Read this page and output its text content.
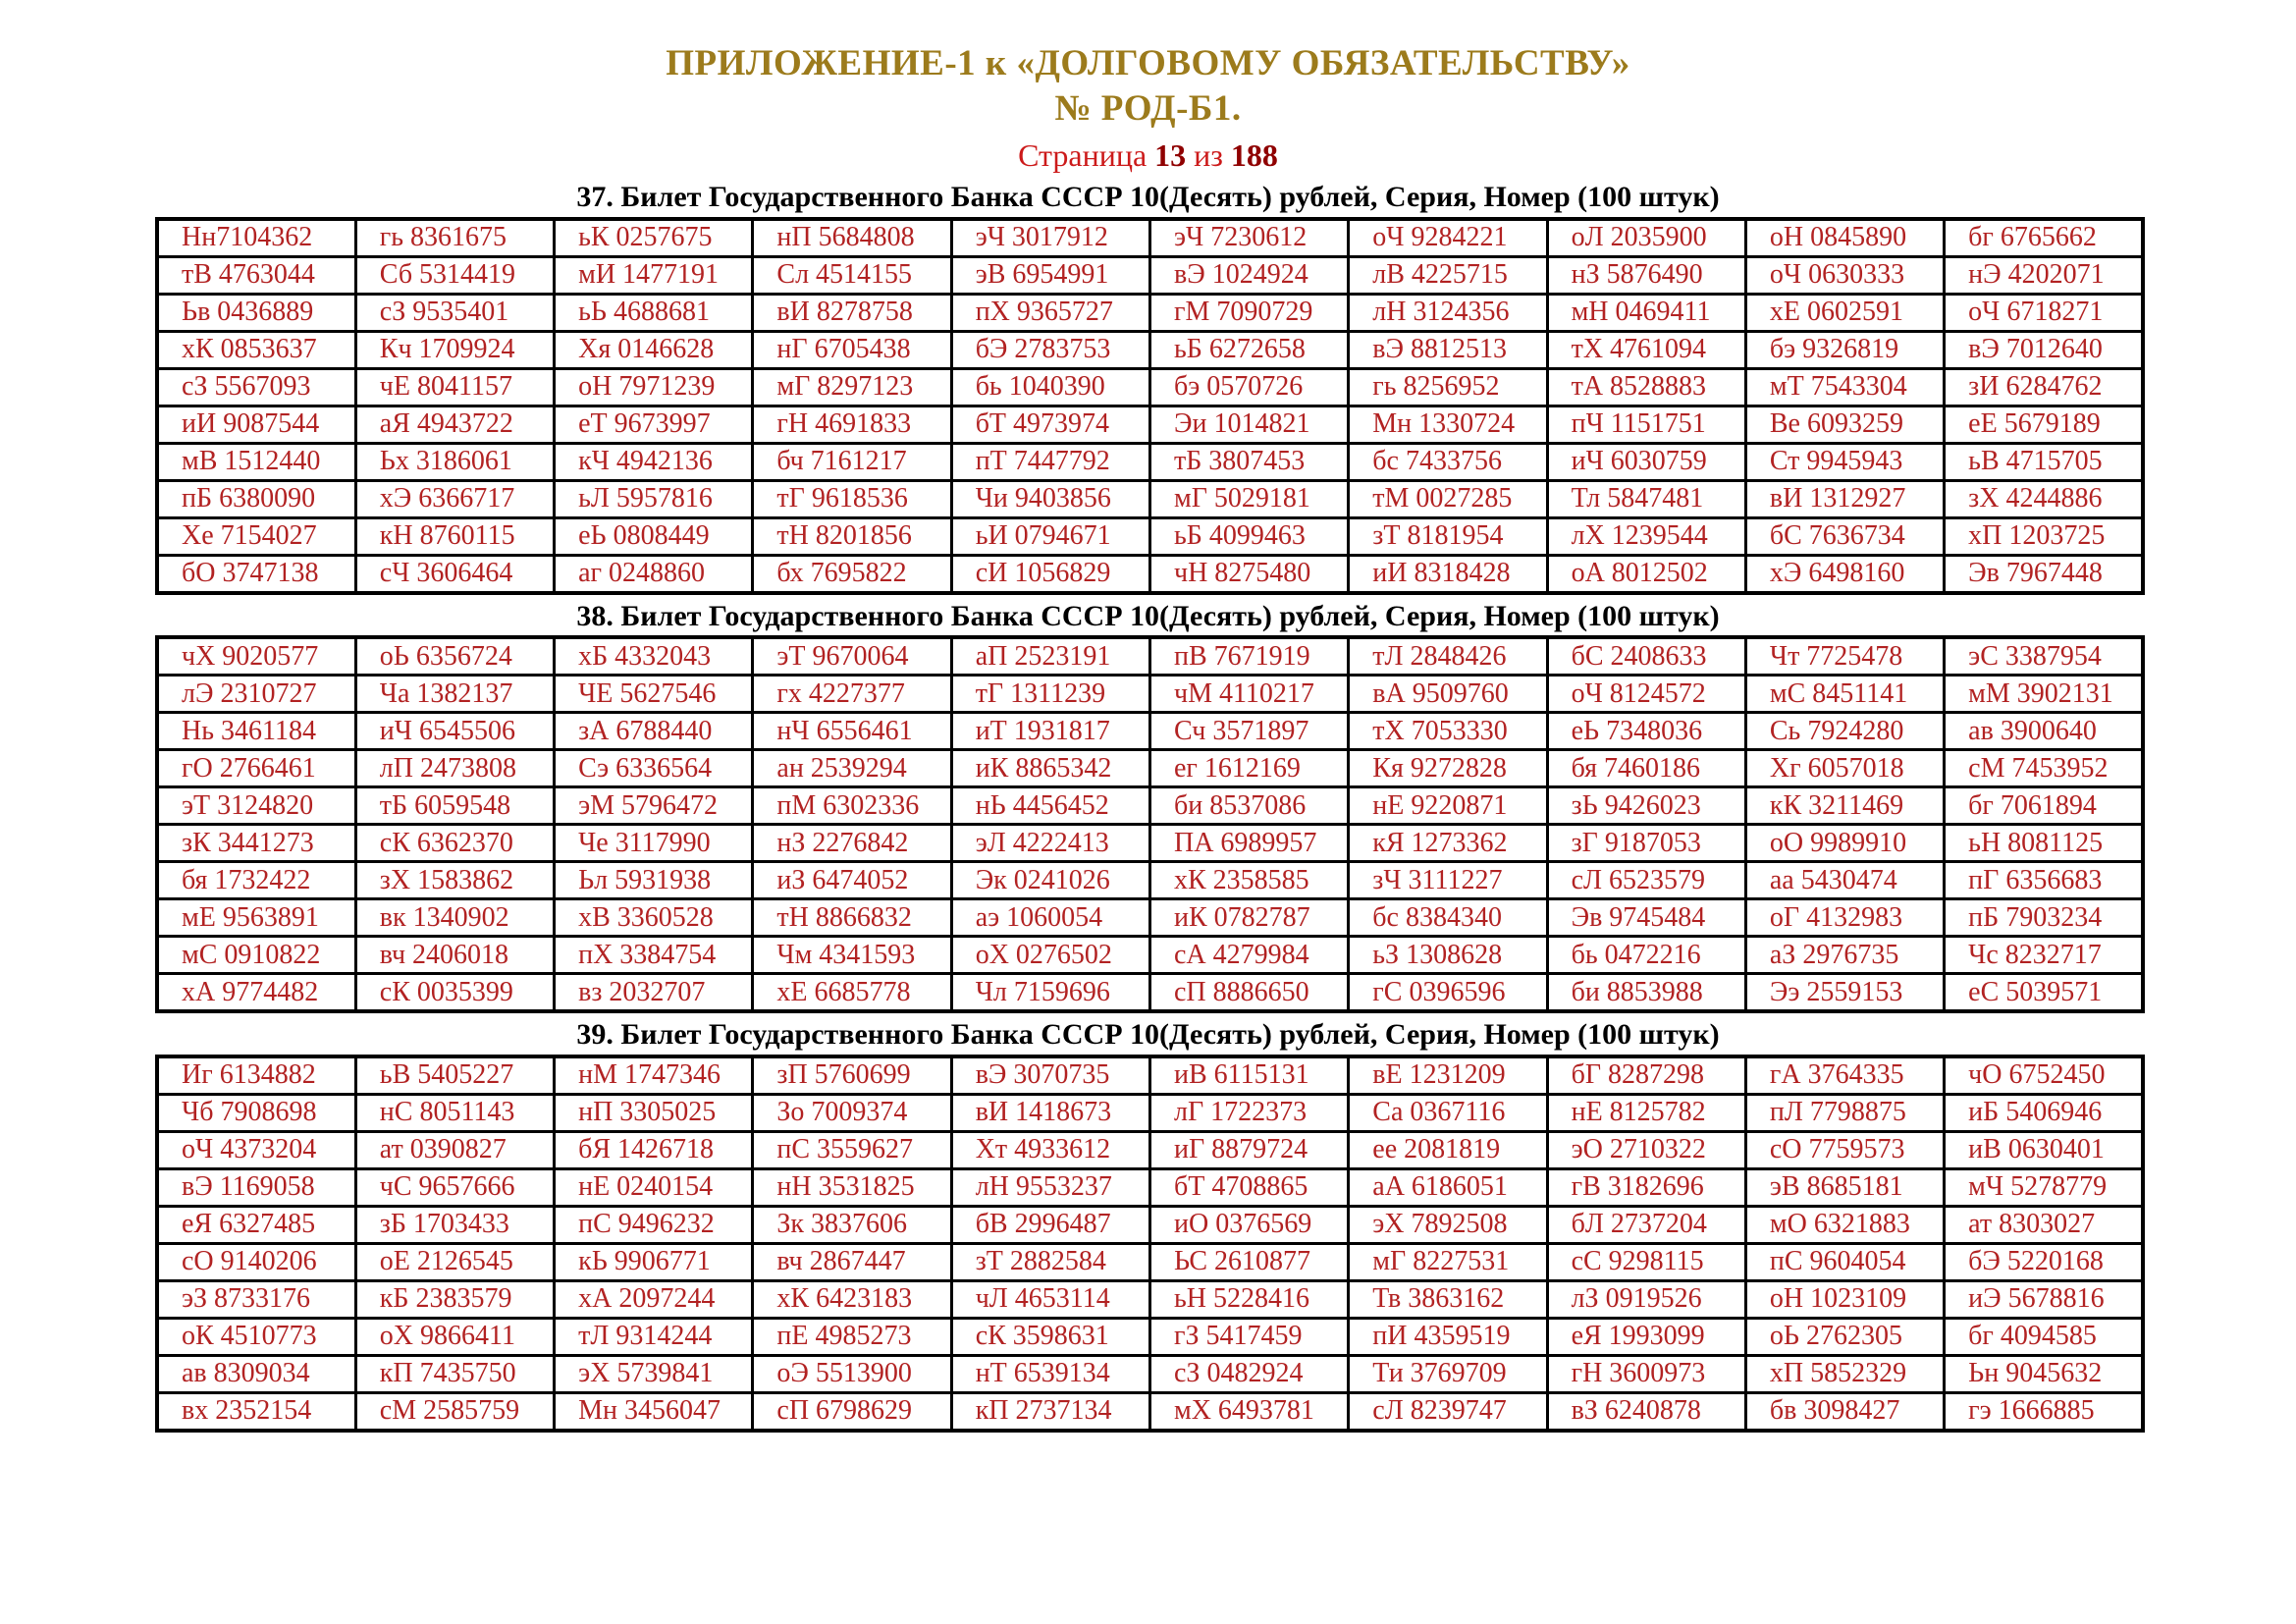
ПРИЛОЖЕНИЕ-1 к «ДОЛГОВОМУ ОБЯЗАТЕЛЬСТВУ»
№ РОД-Б1.
Страница 13 из 188
37. Билет Государственного Банка СССР 10(Десять) рублей, Серия, Номер (100 штук)
Нн7104362	гь 8361675	ьК 0257675	нП 5684808	эЧ 3017912	эЧ 7230612	оЧ 9284221	оЛ 2035900	оН 0845890	бг 6765662
тВ 4763044	Сб 5314419	мИ 1477191	Сл 4514155	эВ 6954991	вЭ 1024924	лВ 4225715	нЗ 5876490	оЧ 0630333	нЭ 4202071
Ьв 0436889	сЗ 9535401	ьЬ 4688681	вИ 8278758	пХ 9365727	гМ 7090729	лН 3124356	мН 0469411	хЕ 0602591	оЧ 6718271
хК 0853637	Кч 1709924	Хя 0146628	нГ 6705438	бЭ 2783753	ьБ 6272658	вЭ 8812513	тХ 4761094	бэ 9326819	вЭ 7012640
сЗ 5567093	чЕ 8041157	оН 7971239	мГ 8297123	бь 1040390	бэ 0570726	гь 8256952	тА 8528883	мТ 7543304	зИ 6284762
иИ 9087544	аЯ 4943722	еТ 9673997	гН 4691833	бТ 4973974	Эи 1014821	Мн 1330724	пЧ 1151751	Ве 6093259	еЕ 5679189
мВ 1512440	Ьх 3186061	кЧ 4942136	бч 7161217	пТ 7447792	тБ 3807453	бс 7433756	иЧ 6030759	Ст 9945943	ьВ 4715705
пБ 6380090	хЭ 6366717	ьЛ 5957816	тГ 9618536	Чи 9403856	мГ 5029181	тМ 0027285	Тл 5847481	вИ 1312927	зХ 4244886
Хе 7154027	кН 8760115	еЬ 0808449	тН 8201856	ьИ 0794671	ьБ 4099463	зТ 8181954	лХ 1239544	бС 7636734	хП 1203725
бО 3747138	сЧ 3606464	аг 0248860	бх 7695822	сИ 1056829	чН 8275480	иИ 8318428	оА 8012502	хЭ 6498160	Эв 7967448
38. Билет Государственного Банка СССР 10(Десять) рублей, Серия, Номер (100 штук)
чХ 9020577	оЬ 6356724	хБ 4332043	эТ 9670064	аП 2523191	пВ 7671919	тЛ 2848426	бС 2408633	Чт 7725478	эС 3387954
лЭ 2310727	Ча 1382137	ЧЕ 5627546	гх 4227377	тГ 1311239	чМ 4110217	вА 9509760	оЧ 8124572	мС 8451141	мМ 3902131
Нь 3461184	иЧ 6545506	зА 6788440	нЧ 6556461	иТ 1931817	Сч 3571897	тХ 7053330	еЬ 7348036	Сь 7924280	ав 3900640
гО 2766461	лП 2473808	Сэ 6336564	ан 2539294	иК 8865342	ег 1612169	Кя 9272828	бя 7460186	Хг 6057018	сМ 7453952
эТ 3124820	тБ 6059548	эМ 5796472	пМ 6302336	нЬ 4456452	би 8537086	нЕ 9220871	зЬ 9426023	кК 3211469	бг 7061894
зК 3441273	сК 6362370	Че 3117990	нЗ 2276842	эЛ 4222413	ПА 6989957	кЯ 1273362	зГ 9187053	оО 9989910	ьН 8081125
бя 1732422	зХ 1583862	Ьл 5931938	иЗ 6474052	Эк 0241026	хК 2358585	зЧ 3111227	сЛ 6523579	аа 5430474	пГ 6356683
мЕ 9563891	вк 1340902	хВ 3360528	тН 8866832	аэ 1060054	иК 0782787	бс 8384340	Эв 9745484	оГ 4132983	пБ 7903234
мС 0910822	вч 2406018	пХ 3384754	Чм 4341593	оХ 0276502	сА 4279984	ьЗ 1308628	бь 0472216	аЗ 2976735	Чс 8232717
хА 9774482	сК 0035399	вз 2032707	хЕ 6685778	Чл 7159696	сП 8886650	гС 0396596	би 8853988	Ээ 2559153	еС 5039571
39. Билет Государственного Банка СССР 10(Десять) рублей, Серия, Номер (100 штук)
Иг 6134882	ьВ 5405227	нМ 1747346	зП 5760699	вЭ 3070735	иВ 6115131	вЕ 1231209	бГ 8287298	гА 3764335	чО 6752450
Чб 7908698	нС 8051143	нП 3305025	Зо 7009374	вИ 1418673	лГ 1722373	Са 0367116	нЕ 8125782	пЛ 7798875	иБ 5406946
оЧ 4373204	ат 0390827	бЯ 1426718	пС 3559627	Хт 4933612	иГ 8879724	ее 2081819	эО 2710322	сО 7759573	иВ 0630401
вЭ 1169058	чС 9657666	нЕ 0240154	нН 3531825	лН 9553237	бТ 4708865	аА 6186051	гВ 3182696	эВ 8685181	мЧ 5278779
еЯ 6327485	зБ 1703433	пС 9496232	Зк 3837606	бВ 2996487	иО 0376569	эХ 7892508	бЛ 2737204	мО 6321883	ат 8303027
сО 9140206	оЕ 2126545	кЬ 9906771	вч 2867447	зТ 2882584	ЬС 2610877	мГ 8227531	сС 9298115	пС 9604054	бЭ 5220168
эЗ 8733176	кБ 2383579	хА 2097244	хК 6423183	чЛ 4653114	ьН 5228416	Тв 3863162	лЗ 0919526	оН 1023109	иЭ 5678816
оК 4510773	оХ 9866411	тЛ 9314244	пЕ 4985273	сК 3598631	гЗ 5417459	пИ 4359519	еЯ 1993099	оЬ 2762305	бг 4094585
ав 8309034	кП 7435750	эХ 5739841	оЭ 5513900	нТ 6539134	сЗ 0482924	Ти 3769709	гН 3600973	хП 5852329	Ьн 9045632
вх 2352154	сМ 2585759	Мн 3456047	сП 6798629	кП 2737134	мХ 6493781	сЛ 8239747	вЗ 6240878	бв 3098427	гэ 1666885
